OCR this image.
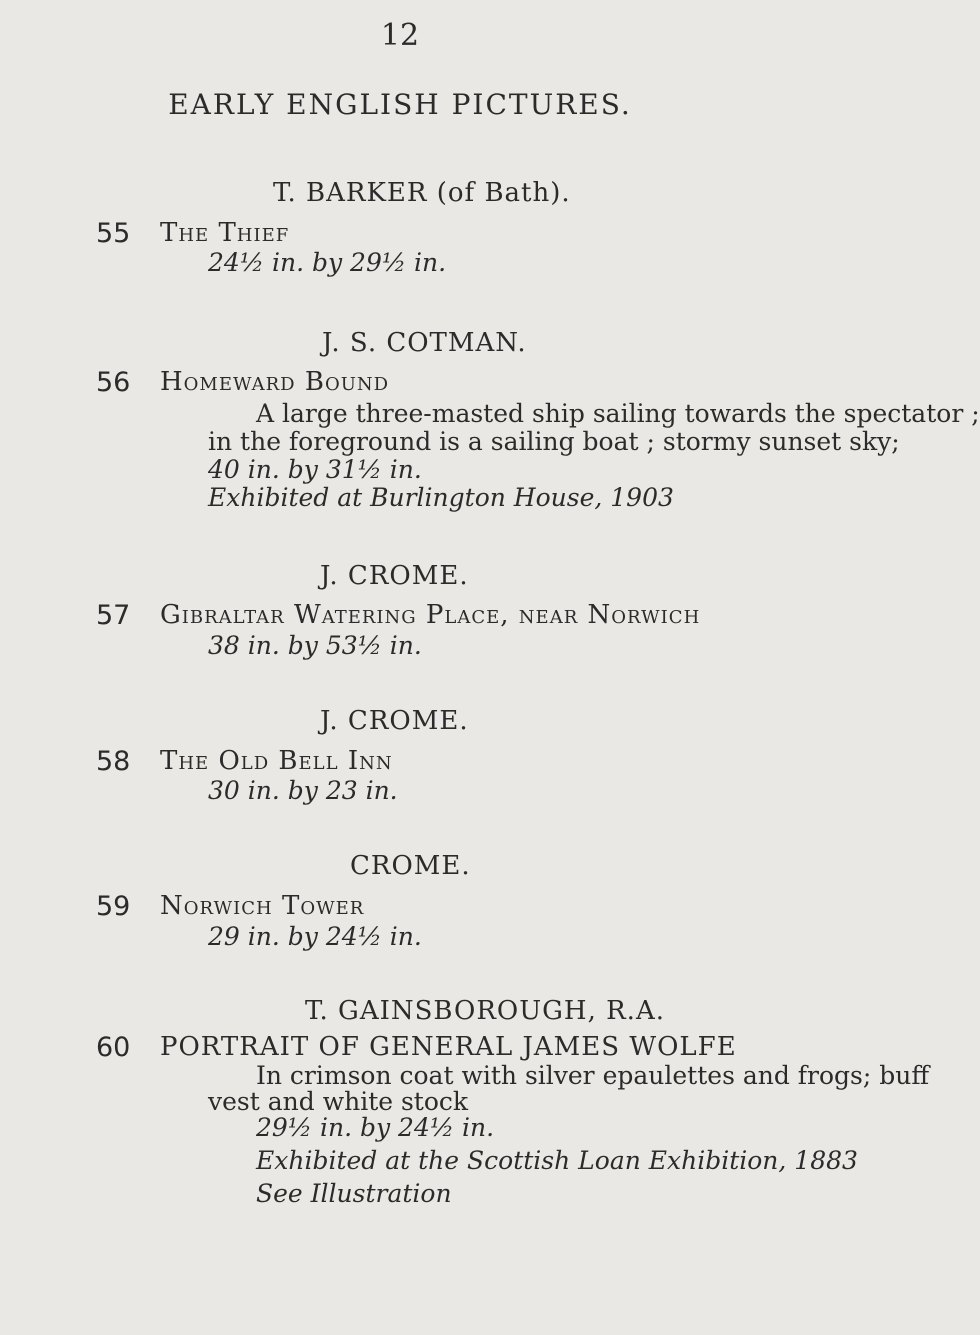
12
EARLY ENGLISH PICTURES.
T. BARKER (of Bath).
55 The Thief
24½ in. by 29½ in.
J. S. COTMAN.
56 Homeward Bound
A large three-masted ship sailing towards the spectator ;
in the foreground is a sailing boat ; stormy sunset sky;
40 in. by 31½ in.
Exhibited at Burlington House, 1903
J. CROME.
57 Gibraltar Watering Place, near Norwich
38 in. by 53½ in.
J. CROME.
58 The Old Bell Inn
30 in. by 23 in.
CROME.
59 Norwich Tower
29 in. by 24½ in.
T. GAINSBOROUGH, R.A.
60 PORTRAIT OF GENERAL JAMES WOLFE
In crimson coat with silver epaulettes and frogs; buff
vest and white stock
29½ in. by 24½ in.
Exhibited at the Scottish Loan Exhibition, 1883
See Illustration
